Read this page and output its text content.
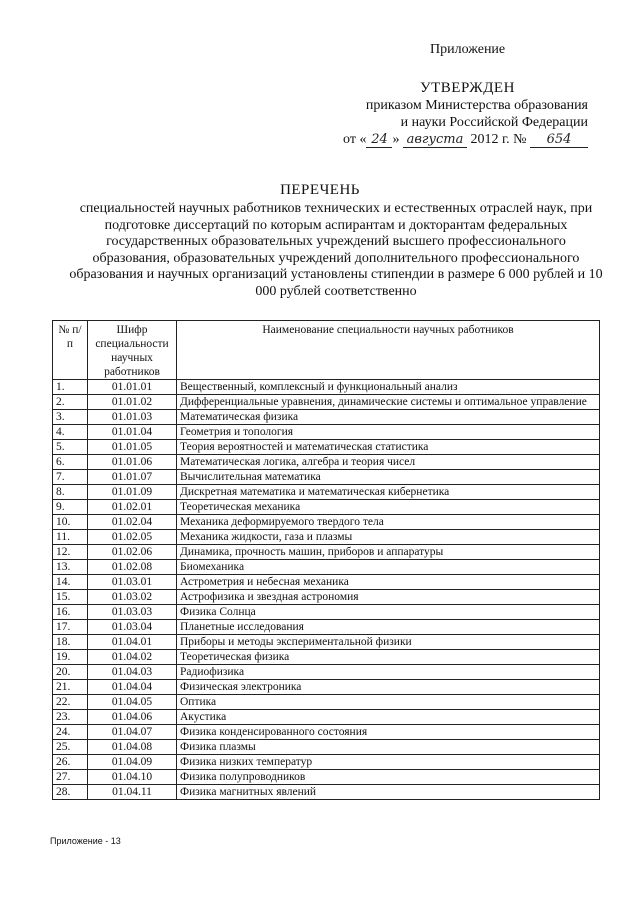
Приложение
УТВЕРЖДЕН
приказом Министерства образования
и науки Российской Федерации
от « 24 » августа 2012 г. № 654
ПЕРЕЧЕНЬ
специальностей научных работников технических и естественных отраслей наук, при подготовке диссертаций по которым аспирантам и докторантам федеральных государственных образовательных учреждений высшего профессионального образования, образовательных учреждений дополнительного профессионального образования и научных организаций установлены стипендии в размере 6 000 рублей и 10 000 рублей соответственно
№ п/п	Шифр специальности научных работников	Наименование специальности научных работников
1.	01.01.01	Вещественный, комплексный и функциональный анализ
2.	01.01.02	Дифференциальные уравнения, динамические системы и оптимальное управление
3.	01.01.03	Математическая физика
4.	01.01.04	Геометрия и топология
5.	01.01.05	Теория вероятностей и математическая статистика
6.	01.01.06	Математическая логика, алгебра и теория чисел
7.	01.01.07	Вычислительная математика
8.	01.01.09	Дискретная математика и математическая кибернетика
9.	01.02.01	Теоретическая механика
10.	01.02.04	Механика деформируемого твердого тела
11.	01.02.05	Механика жидкости, газа и плазмы
12.	01.02.06	Динамика, прочность машин, приборов и аппаратуры
13.	01.02.08	Биомеханика
14.	01.03.01	Астрометрия и небесная механика
15.	01.03.02	Астрофизика и звездная астрономия
16.	01.03.03	Физика Солнца
17.	01.03.04	Планетные исследования
18.	01.04.01	Приборы и методы экспериментальной физики
19.	01.04.02	Теоретическая физика
20.	01.04.03	Радиофизика
21.	01.04.04	Физическая электроника
22.	01.04.05	Оптика
23.	01.04.06	Акустика
24.	01.04.07	Физика конденсированного состояния
25.	01.04.08	Физика плазмы
26.	01.04.09	Физика низких температур
27.	01.04.10	Физика полупроводников
28.	01.04.11	Физика магнитных явлений
Приложение - 13
